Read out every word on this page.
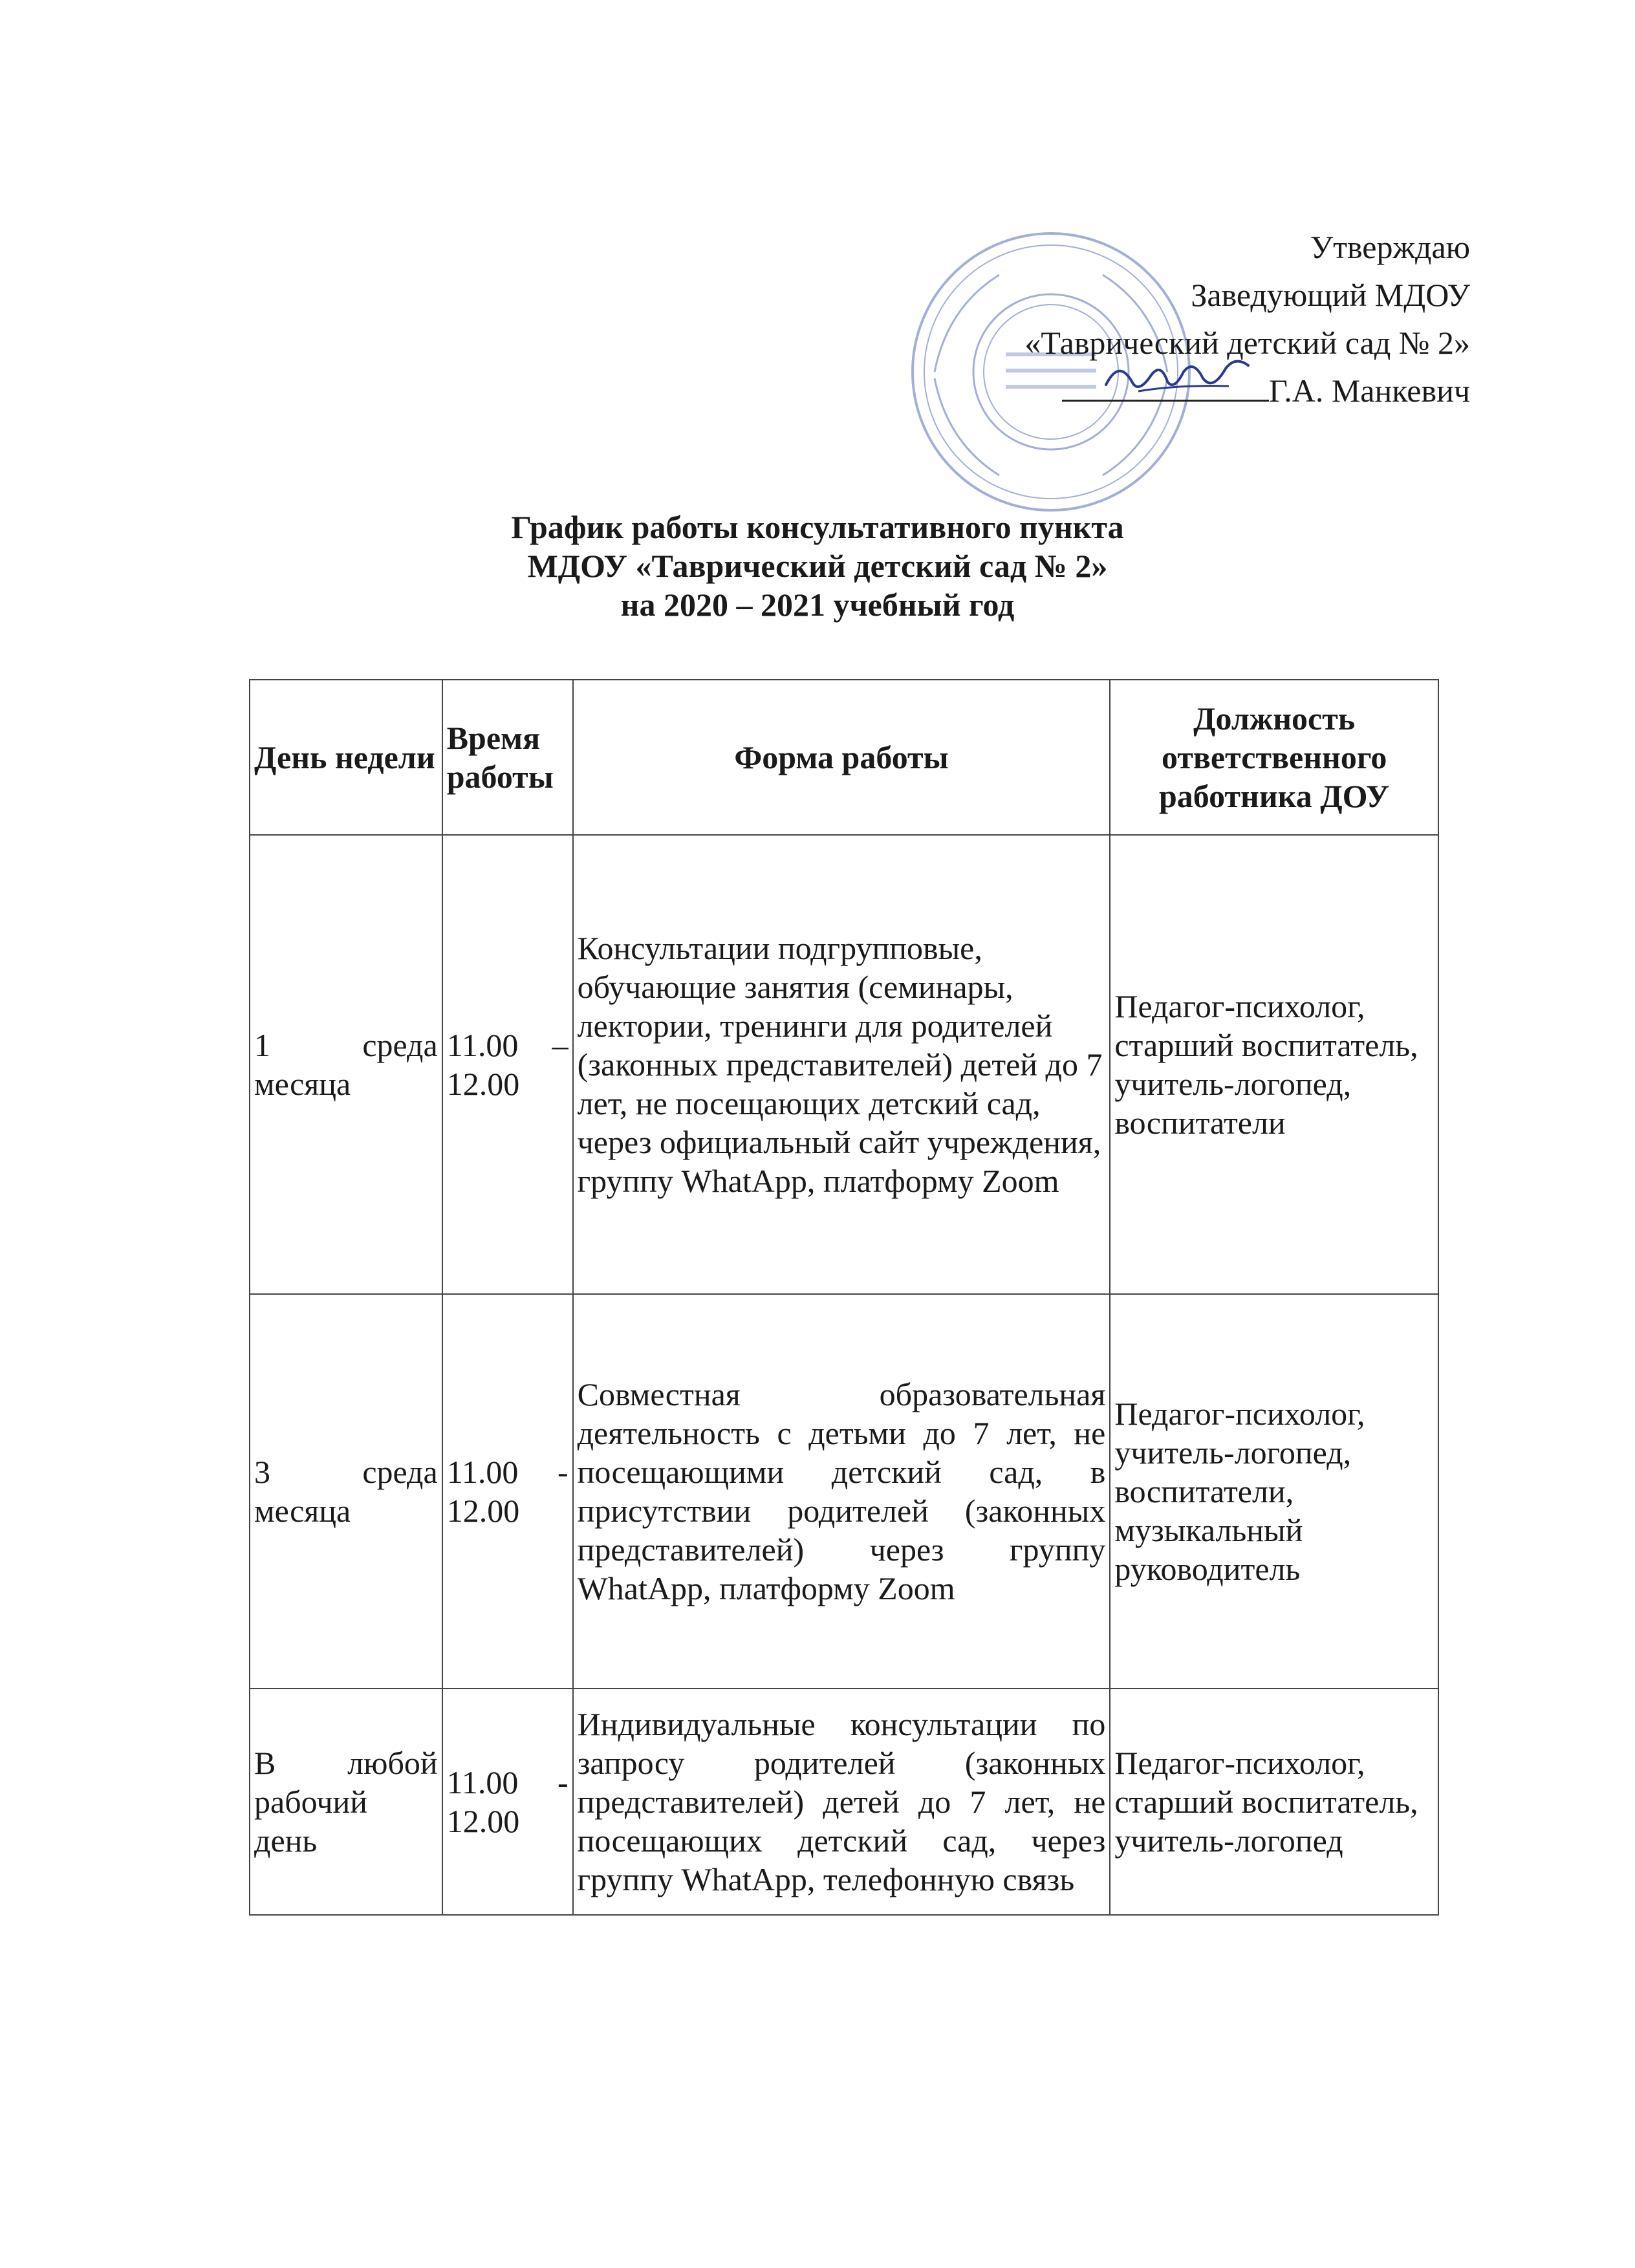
Утверждаю
Заведующий МДОУ
«Таврический детский сад № 2»
Г.А. Манкевич
График работы консультативного пункта
МДОУ «Таврический детский сад № 2»
на 2020 – 2021 учебный год
День недели	Время работы	Форма работы	Должность ответственного работника ДОУ
1 среда месяца	11.00 – 12.00	Консультации подгрупповые, обучающие занятия (семинары, лектории, тренинги для родителей (законных представителей) детей до 7 лет, не посещающих детский сад, через официальный сайт учреждения, группу WhatApp, платформу Zoom	Педагог-психолог, старший воспитатель, учитель-логопед, воспитатели
3 среда месяца	11.00 - 12.00	Совместная образовательная деятельность с детьми до 7 лет, не посещающими детский сад, в присутствии родителей (законных представителей) через группу WhatApp, платформу Zoom	Педагог-психолог, учитель-логопед, воспитатели, музыкальный руководитель
В любой рабочий день	11.00 - 12.00	Индивидуальные консультации по запросу родителей (законных представителей) детей до 7 лет, не посещающих детский сад, через группу WhatApp, телефонную связь	Педагог-психолог, старший воспитатель, учитель-логопед
